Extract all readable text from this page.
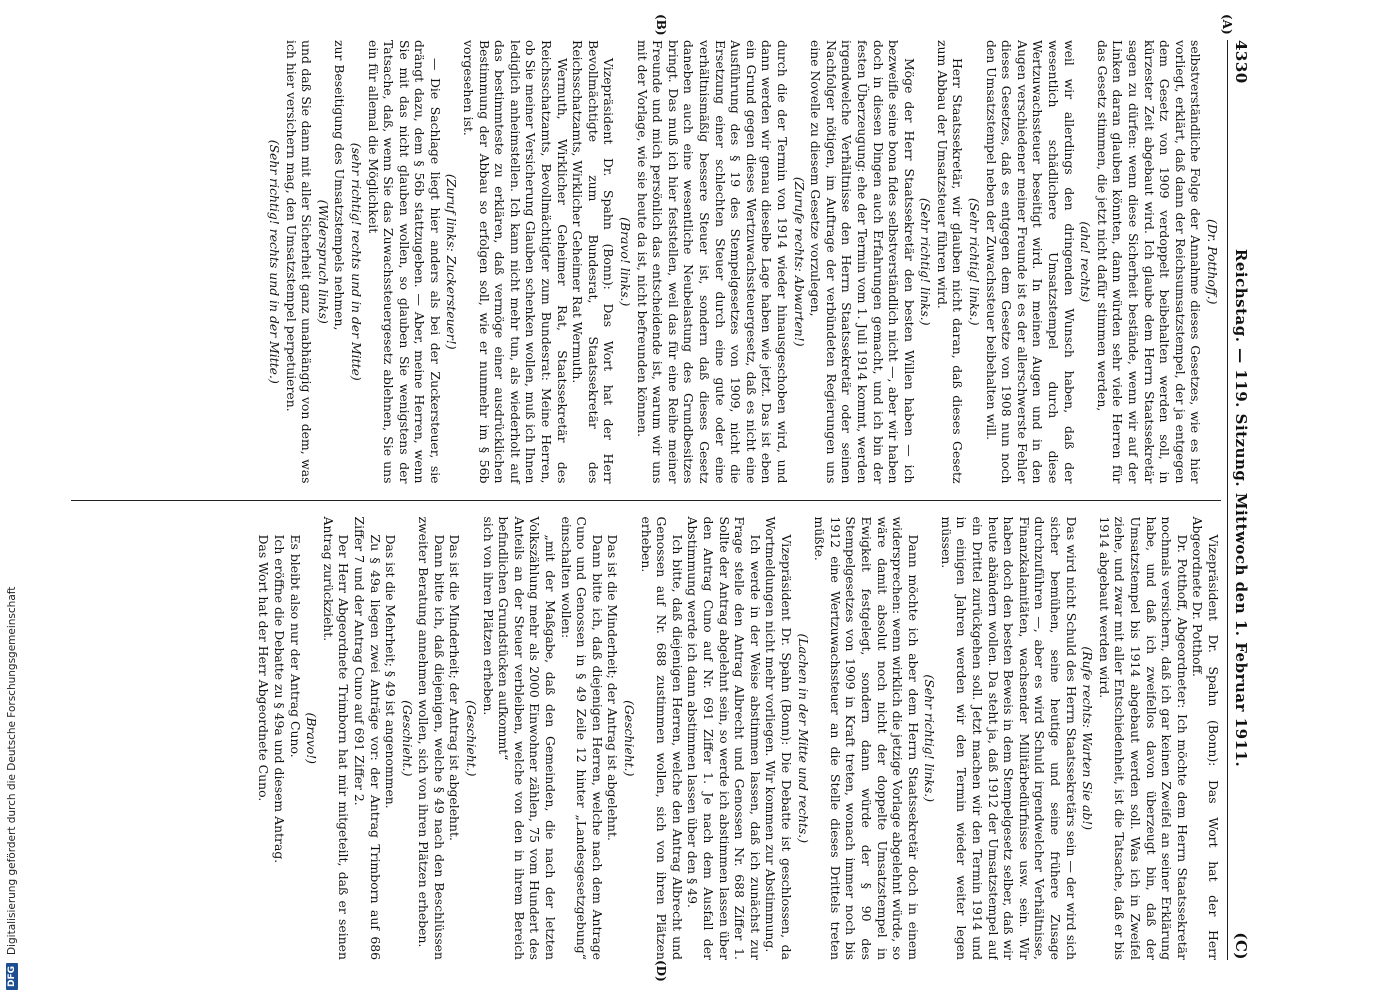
4330
Reichstag. — 119. Sitzung. Mittwoch den 1. Februar 1911.
(C)

(Dr. Potthoff.)

selbstverständliche Folge der Annahme dieses Gesetzes, wie es hier vorliegt, erklärt, daß dann der Reichsumsatzstempel, der ja entgegen dem Gesetz von 1909 verdoppelt beibehalten werden soll, in kürzester Zeit abgebaut wird. Ich glaube dem Herrn Staatssekretär sagen zu dürfen: wenn diese Sicherheit bestände, wenn wir auf der Linken daran glauben könnten, dann würden sehr viele Herren für das Gesetz stimmen, die jetzt nicht dafür stimmen werden,

(aha! rechts)

weil wir allerdings den dringenden Wunsch haben, daß der wesentlich schädlichere Umsatzstempel durch diese Wertzuwachssteuer beseitigt wird. In meinen Augen und in den Augen verschiedener meiner Freunde ist es der allerschwerste Fehler dieses Gesetzes, daß es entgegen dem Gesetze von 1908 nun noch den Umsatzstempel neben der Zuwachssteuer beibehalten will.

(Sehr richtig! links.)

Herr Staatssekretär, wir glauben nicht daran, daß dieses Gesetz zum Abbau der Umsatzsteuer führen wird.

(Sehr richtig! links.)

Möge der Herr Staatssekretär den besten Willen haben — ich bezweifle seine bona fides selbstverständlich nicht —, aber wir haben doch in diesen Dingen auch Erfahrungen gemacht, und ich bin der festen Überzeugung: ehe der Termin vom 1. Juli 1914 kommt, werden irgendwelche Verhältnisse den Herrn Staatssekretär oder seinen Nachfolger nötigen, im Auftrage der verbündeten Regierungen uns eine Novelle zu diesem Gesetze vorzulegen,

(Zurufe rechts: Abwarten!)

durch die der Termin von 1914 wieder hinausgeschoben wird, und dann werden wir genau dieselbe Lage haben wie jetzt. Das ist eben ein Grund gegen dieses Wertzuwachssteuergesetz, daß es nicht eine Ausführung des § 19 des Stempelgesetzes von 1909, nicht die Ersetzung einer schlechten Steuer durch eine gute oder eine verhältnismäßig bessere Steuer ist, sondern daß dieses Gesetz daneben auch eine wesentliche Neubelastung des Grundbesitzes bringt. Das muß ich hier feststellen, weil das für eine Reihe meiner Freunde und mich persönlich das entscheidende ist, warum wir uns mit der Vorlage, wie sie heute da ist, nicht befreunden können.

(Bravo! links.)

Vizepräsident Dr. Spahn (Bonn): Das Wort hat der Herr Bevollmächtigte zum Bundesrat, Staatssekretär des Reichsschatzamts, Wirklicher Geheimer Rat Wermuth.

Wermuth, Wirklicher Geheimer Rat, Staatssekretär des Reichsschatzamts, Bevollmächtigter zum Bundesrat: Meine Herren, ob Sie meiner Versicherung Glauben schenken wollen, muß ich Ihnen lediglich anheimstellen. Ich kann nicht mehr tun, als wiederholt auf das bestimmteste zu erklären, daß vermöge einer ausdrücklichen Bestimmung der Abbau so erfolgen soll, wie er nunmehr im § 56b vorgesehen ist.

(Zuruf links: Zuckersteuer!)

— Die Sachlage liegt hier anders als bei der Zuckersteuer, sie drängt dazu, dem § 56b stattzugeben. — Aber, meine Herren, wenn Sie mit das nicht glauben wollen, so glauben Sie wenigstens der Tatsache, daß, wenn Sie das Zuwachssteuergesetz ablehnen, Sie uns ein für allemal die Möglichkeit

(sehr richtig! rechts und in der Mitte)

zur Beseitigung des Umsatzstempels nehmen,

(Widerspruch links)

und daß Sie dann mit aller Sicherheit ganz unabhängig von dem, was ich hier versichern mag, den Umsatzstempel perpetuieren.

(Sehr richtig! rechts und in der Mitte.)

Vizepräsident Dr. Spahn (Bonn): Das Wort hat der Herr Abgeordnete Dr. Potthoff.

Dr. Potthoff, Abgeordneter: Ich möchte dem Herrn Staatssekretär nochmals versichern, daß ich gar keinen Zweifel an seiner Erklärung habe, und daß ich zweifellos davon überzeugt bin, daß der Umsatzstempel bis 1914 abgebaut werden soll. Was ich in Zweifel ziehe, und zwar mit aller Entschiedenheit, ist die Tatsache, daß er bis 1914 abgebaut werden wird.

(Rufe rechts: Warten Sie ab!)

Das wird nicht Schuld des Herrn Staatssekretärs sein — der wird sich sicher bemühen, seine heutige und seine frühere Zusage durchzuführen —, aber es wird Schuld irgendwelcher Verhältnisse, Finanzkalamitäten, wachsender Militärbedürfnisse usw. sein. Wir haben doch den besten Beweis in dem Stempelgesetz selber, daß wir heute abändern wollen. Da steht ja, daß 1912 der Umsatzstempel auf ein Drittel zurückgehen soll. Jetzt machen wir den Termin 1914 und in einigen Jahren werden wir den Termin wieder weiter legen müssen.

(Sehr richtig! links.)

Dann möchte ich aber dem Herrn Staatssekretär doch in einem widersprechen: wenn wirklich die jetzige Vorlage abgelehnt würde, so wäre damit absolut noch nicht der doppelte Umsatzstempel in Ewigkeit festgelegt, sondern dann würde der § 90 des Stempelgesetzes von 1909 in Kraft treten, wonach immer noch bis 1912 eine Wertzuwachssteuer an die Stelle dieses Drittels treten müßte.

(Lachen in der Mitte und rechts.)

Vizepräsident Dr. Spahn (Bonn): Die Debatte ist geschlossen, da Wortmeldungen nicht mehr vorliegen. Wir kommen zur Abstimmung.

Ich werde in der Weise abstimmen lassen, daß ich zunächst zur Frage stelle den Antrag Albrecht und Genossen Nr. 688 Ziffer 1. Sollte der Antrag abgelehnt sein, so werde ich abstimmen lassen über den Antrag Cuno auf Nr. 691 Ziffer 1. Je nach dem Ausfall der Abstimmung werde ich dann abstimmen lassen über den § 49.

Ich bitte, daß diejenigen Herren, welche den Antrag Albrecht und Genossen auf Nr. 688 zustimmen wollen, sich von ihren Plätzen erheben.

(Geschieht.)

Das ist die Minderheit; der Antrag ist abgelehnt.

Dann bitte ich, daß diejenigen Herren, welche nach dem Antrage Cuno und Genossen in § 49 Zeile 12 hinter „Landesgesetzgebung“ einschalten wollen:

„mit der Maßgabe, daß den Gemeinden, die nach der letzten Volkszählung mehr als 2000 Einwohner zählen, 75 vom Hundert des Anteils an der Steuer verbleiben, welche von den in ihrem Bereich befindlichen Grundstücken aufkommt“

sich von ihren Plätzen erheben.

(Geschieht.)

Das ist die Minderheit; der Antrag ist abgelehnt.

Dann bitte ich, daß diejenigen, welche § 49 nach den Beschlüssen zweiter Beratung annehmen wollen, sich von ihren Plätzen erheben.

(Geschieht.)

Das ist die Mehrheit; § 49 ist angenommen.

Zu § 49a liegen zwei Anträge vor: der Antrag Trimborn auf 686 Ziffer 7 und der Antrag Cuno auf 691 Ziffer 2.

Der Herr Abgeordnete Trimborn hat mir mitgeteilt, daß er seinen Antrag zurückzieht.

(Bravo!)

Es bleibt also nur der Antrag Cuno.

Ich eröffne die Debatte zu § 49a und diesem Antrag.

Das Wort hat der Herr Abgeordnete Cuno.

(A)
(B)
(D)
DFG
Digitalisierung gefördert durch die Deutsche Forschungsgemeinschaft
